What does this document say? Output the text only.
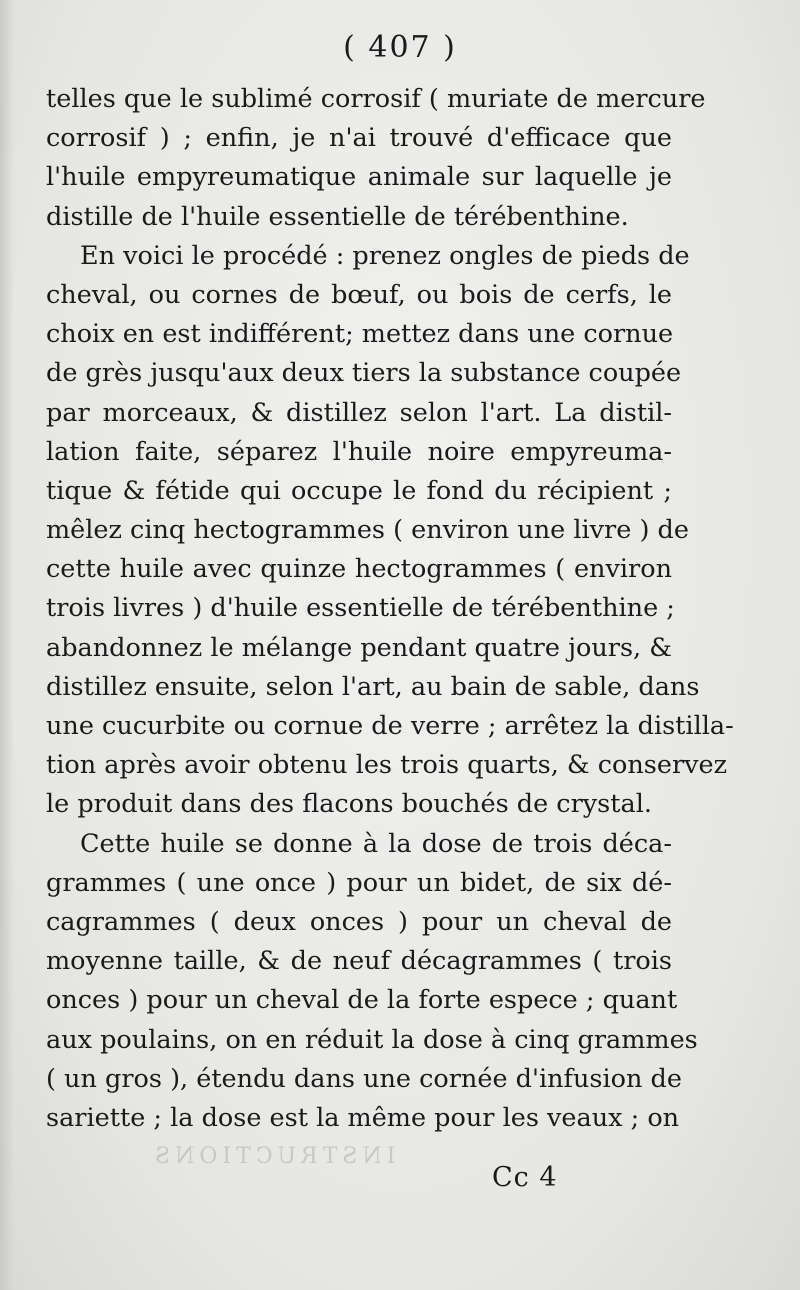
( 407 )
telles que le sublimé corrosif ( muriate de mercure
corrosif ) ; enfin, je n'ai trouvé d'efficace que
l'huile empyreumatique animale sur laquelle je
distille de l'huile essentielle de térébenthine.
En voici le procédé : prenez ongles de pieds de
cheval, ou cornes de bœuf, ou bois de cerfs, le
choix en est indifférent; mettez dans une cornue
de grès jusqu'aux deux tiers la substance coupée
par morceaux, & distillez selon l'art. La distil-
lation faite, séparez l'huile noire empyreuma-
tique & fétide qui occupe le fond du récipient ;
mêlez cinq hectogrammes ( environ une livre ) de
cette huile avec quinze hectogrammes ( environ
trois livres ) d'huile essentielle de térébenthine ;
abandonnez le mélange pendant quatre jours, &
distillez ensuite, selon l'art, au bain de sable, dans
une cucurbite ou cornue de verre ; arrêtez la distilla-
tion après avoir obtenu les trois quarts, & conservez
le produit dans des flacons bouchés de crystal.
Cette huile se donne à la dose de trois déca-
grammes ( une once ) pour un bidet, de six dé-
cagrammes ( deux onces ) pour un cheval de
moyenne taille, & de neuf décagrammes ( trois
onces ) pour un cheval de la forte espece ; quant
aux poulains, on en réduit la dose à cinq grammes
( un gros ), étendu dans une cornée d'infusion de
sariette ; la dose est la même pour les veaux ; on
INSTRUCTIONS
Cc 4
